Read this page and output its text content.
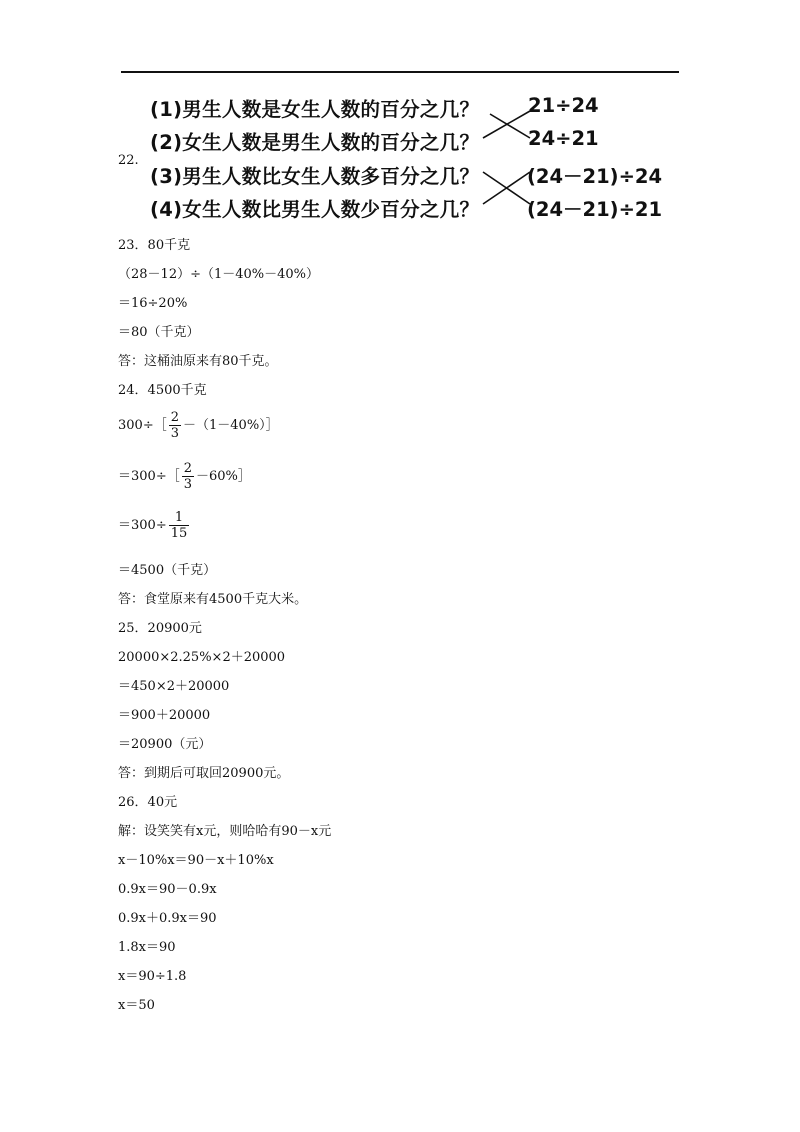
22.
(1)男生人数是女生人数的百分之几？
(2)女生人数是男生人数的百分之几？
(3)男生人数比女生人数多百分之几？
(4)女生人数比男生人数少百分之几？
21÷24
24÷21
(24－21)÷24
(24－21)÷21
23．80千克
（28－12）÷（1－40%－40%）
＝16÷20%
＝80（千克）
答：这桶油原来有80千克。
24．4500千克
300÷［ $\frac{2}{3}$ －（1－40%）］
＝300÷［ $\frac{2}{3}$ －60%］
$=300\div \frac{1}{15}$
＝4500（千克）
答：食堂原来有4500千克大米。
25．20900元
20000×2.25%×2＋20000
＝450×2＋20000
＝900＋20000
＝20900（元）
答：到期后可取回20900元。
26．40元
解：设笑笑有x元，则哈哈有90－x元
x－10%x＝90－x＋10%x
0.9x＝90－0.9x
0.9x＋0.9x＝90
1.8x＝90
x＝90÷1.8
x＝50
